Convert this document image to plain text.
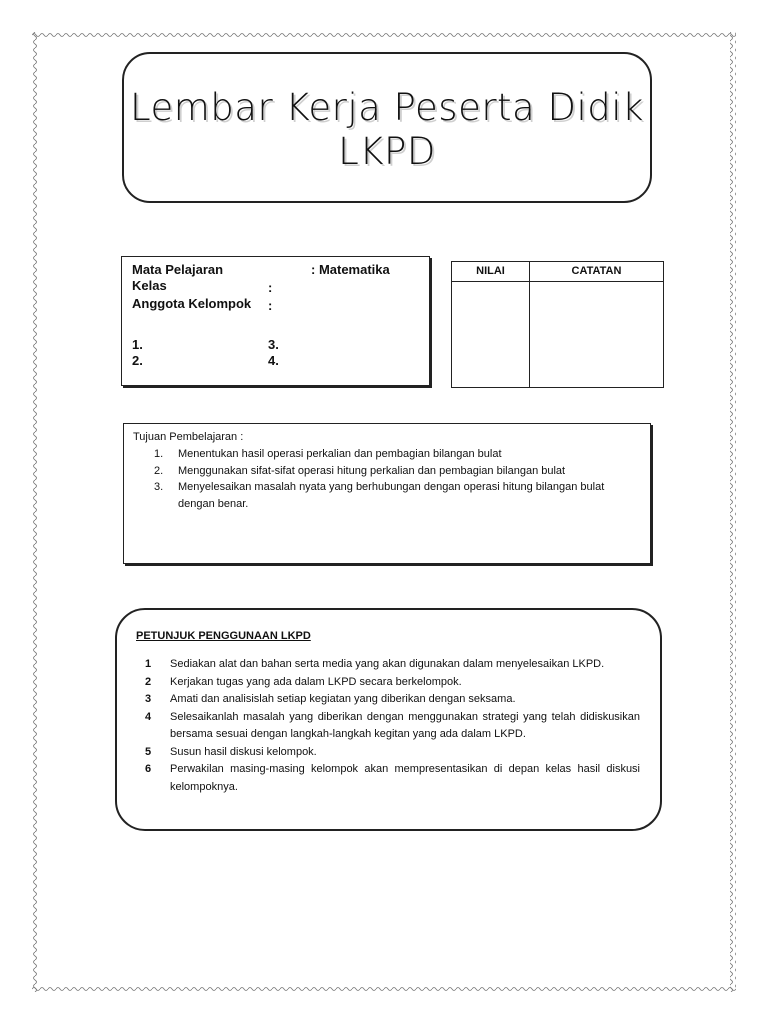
Lembar Kerja Peserta Didik
LKPD
Mata Pelajaran	: Matematika
Kelas	:
Anggota Kelompok :
1.	3.
2.	4.
NILAI	CATATAN
Tujuan Pembelajaran :
1.	Menentukan hasil operasi perkalian dan pembagian bilangan bulat
2.	Menggunakan sifat-sifat operasi hitung perkalian dan pembagian bilangan bulat
3.	Menyelesaikan masalah nyata yang berhubungan dengan operasi hitung bilangan bulat dengan benar.
PETUNJUK PENGGUNAAN LKPD
1	Sediakan alat dan bahan serta media yang akan digunakan dalam menyelesaikan LKPD.
2	Kerjakan tugas yang ada dalam LKPD secara berkelompok.
3	Amati dan analisislah setiap kegiatan yang diberikan dengan seksama.
4	Selesaikanlah masalah yang diberikan dengan menggunakan strategi yang telah didiskusikan bersama sesuai dengan langkah-langkah kegitan yang ada dalam LKPD.
5	Susun hasil diskusi kelompok.
6	Perwakilan masing-masing kelompok akan mempresentasikan di depan kelas hasil diskusi kelompoknya.
